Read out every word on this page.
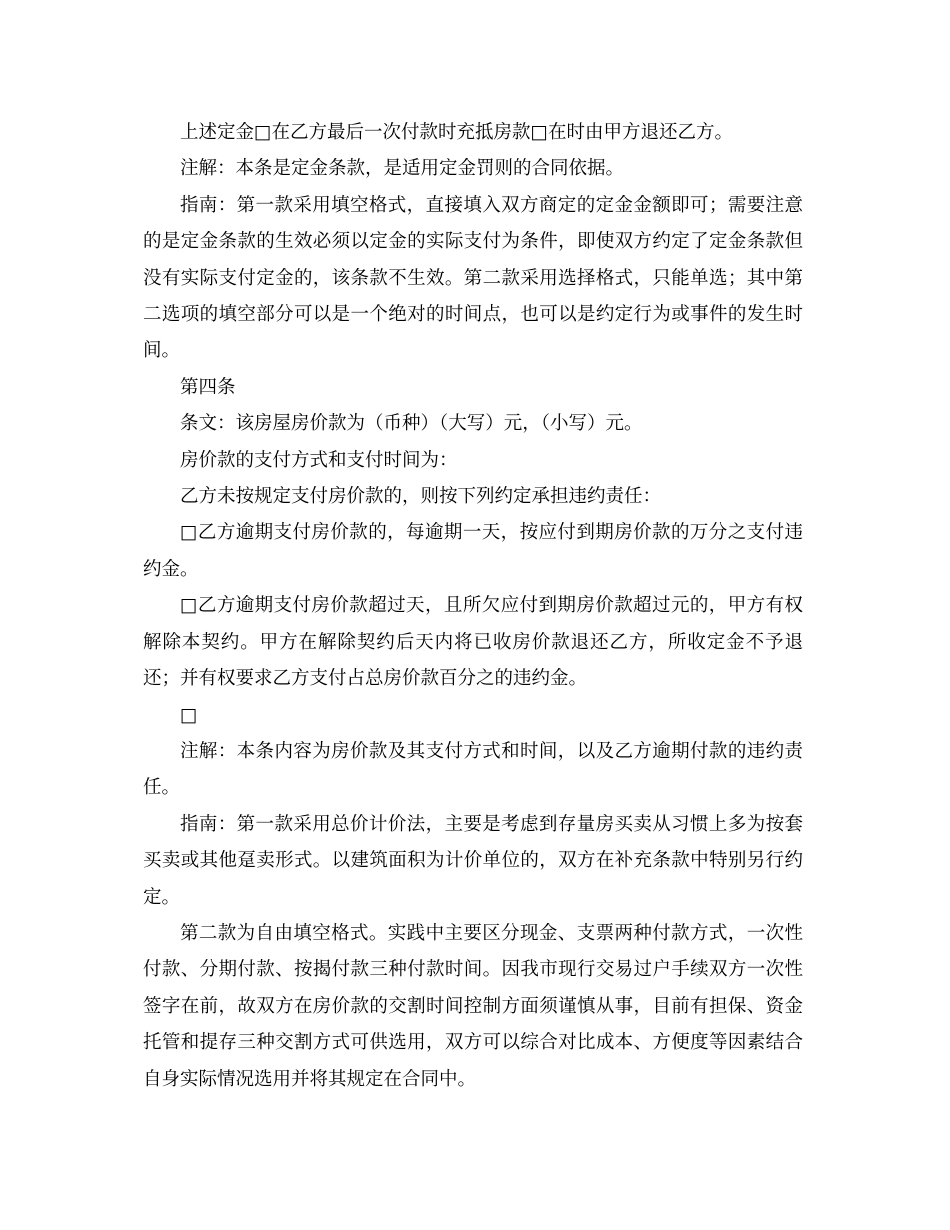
上述定金□在乙方最后一次付款时充抵房款□在时由甲方退还乙方。

注解：本条是定金条款，是适用定金罚则的合同依据。

指南：第一款采用填空格式，直接填入双方商定的定金金额即可；需要注意的是定金条款的生效必须以定金的实际支付为条件，即使双方约定了定金条款但没有实际支付定金的，该条款不生效。第二款采用选择格式，只能单选；其中第二选项的填空部分可以是一个绝对的时间点，也可以是约定行为或事件的发生时间。

第四条

条文：该房屋房价款为（币种）（大写）元，（小写）元。

房价款的支付方式和支付时间为：

乙方未按规定支付房价款的，则按下列约定承担违约责任：

□乙方逾期支付房价款的，每逾期一天，按应付到期房价款的万分之支付违约金。

□乙方逾期支付房价款超过天，且所欠应付到期房价款超过元的，甲方有权解除本契约。甲方在解除契约后天内将已收房价款退还乙方，所收定金不予退还；并有权要求乙方支付占总房价款百分之的违约金。

□

注解：本条内容为房价款及其支付方式和时间，以及乙方逾期付款的违约责任。

指南：第一款采用总价计价法，主要是考虑到存量房买卖从习惯上多为按套买卖或其他趸卖形式。以建筑面积为计价单位的，双方在补充条款中特别另行约定。

第二款为自由填空格式。实践中主要区分现金、支票两种付款方式，一次性付款、分期付款、按揭付款三种付款时间。因我市现行交易过户手续双方一次性签字在前，故双方在房价款的交割时间控制方面须谨慎从事，目前有担保、资金托管和提存三种交割方式可供选用，双方可以综合对比成本、方便度等因素结合自身实际情况选用并将其规定在合同中。
